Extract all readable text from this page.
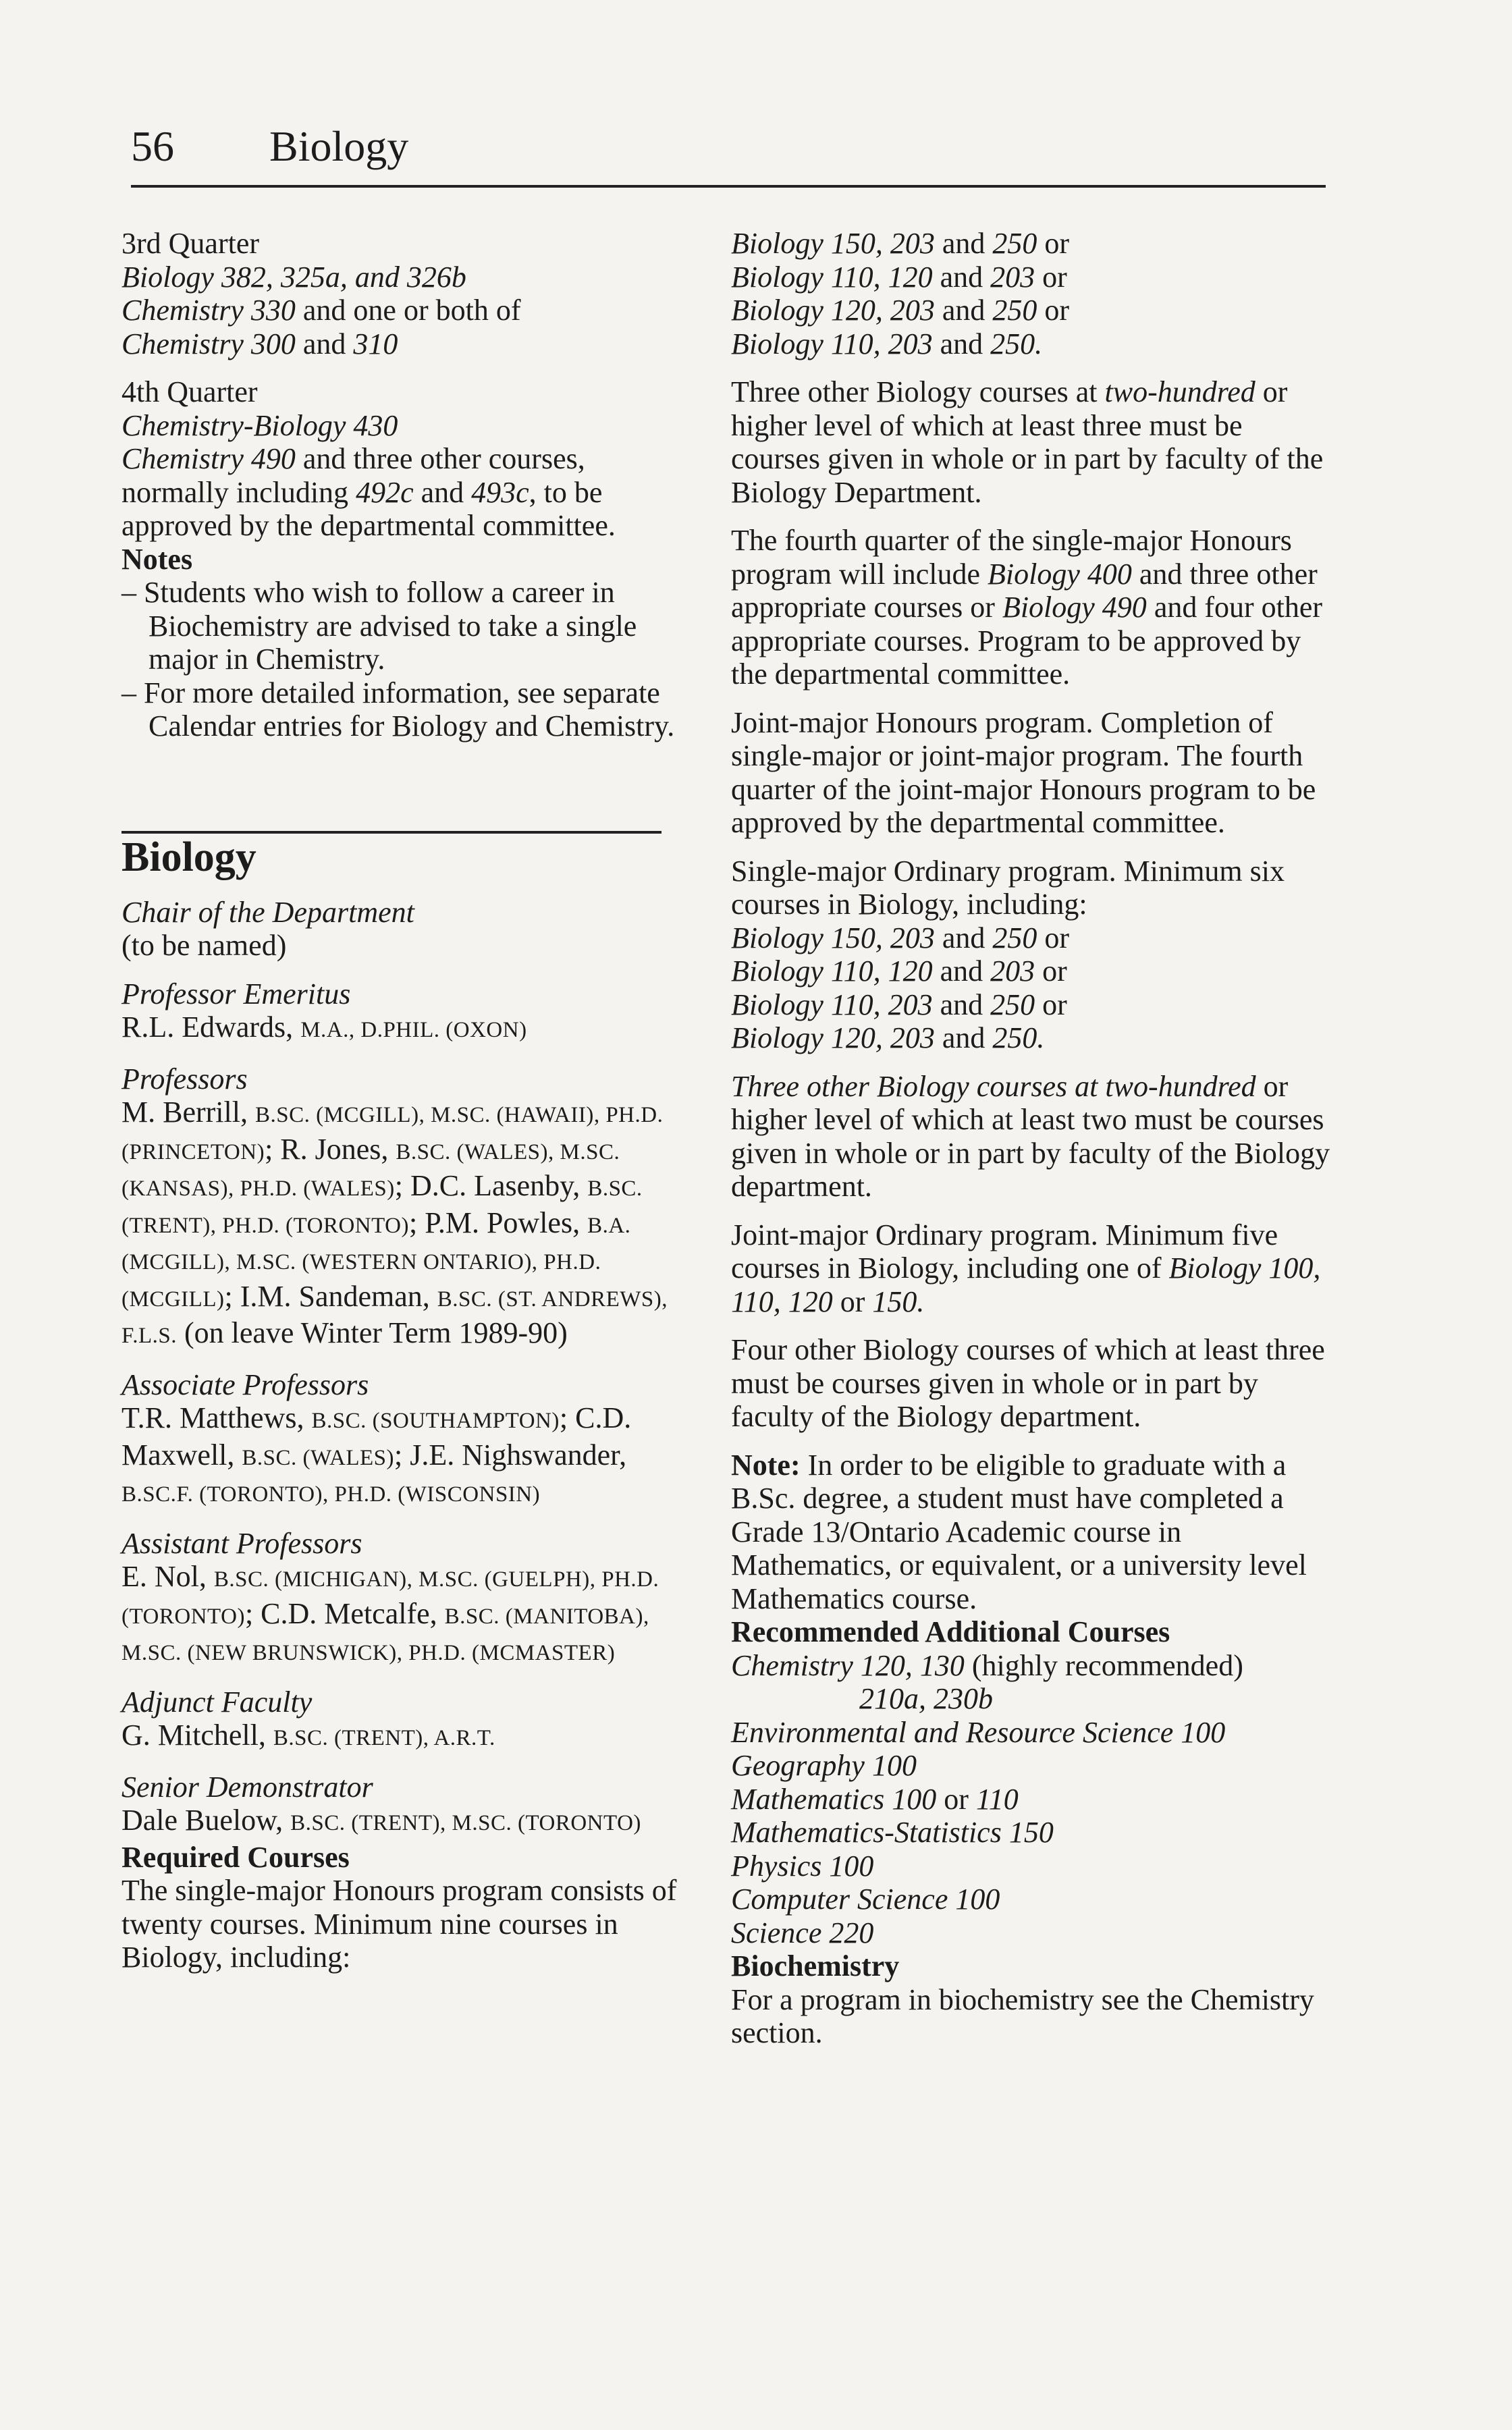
56 Biology

3rd Quarter

Biology 382, 325a, and 326b

Chemistry 330 and one or both of

Chemistry 300 and 310

4th Quarter

Chemistry-Biology 430

Chemistry 490 and three other courses,

normally including 492c and 493c, to be

approved by the departmental committee.

Notes

– Students who wish to follow a career in Biochemistry are advised to take a single major in Chemistry.

– For more detailed information, see separate Calendar entries for Biology and Chemistry.

Biology

Chair of the Department

(to be named)

Professor Emeritus

R.L. Edwards, M.A., D.PHIL. (OXON)

Professors

M. Berrill, B.SC. (MCGILL), M.SC. (HAWAII), PH.D. (PRINCETON); R. Jones, B.SC. (WALES), M.SC. (KANSAS), PH.D. (WALES); D.C. Lasenby, B.SC. (TRENT), PH.D. (TORONTO); P.M. Powles, B.A. (MCGILL), M.SC. (WESTERN ONTARIO), PH.D. (MCGILL); I.M. Sandeman, B.SC. (ST. ANDREWS), F.L.S. (on leave Winter Term 1989-90)

Associate Professors

T.R. Matthews, B.SC. (SOUTHAMPTON); C.D. Maxwell, B.SC. (WALES); J.E. Nighswander, B.SC.F. (TORONTO), PH.D. (WISCONSIN)

Assistant Professors

E. Nol, B.SC. (MICHIGAN), M.SC. (GUELPH), PH.D. (TORONTO); C.D. Metcalfe, B.SC. (MANITOBA), M.SC. (NEW BRUNSWICK), PH.D. (MCMASTER)

Adjunct Faculty

G. Mitchell, B.SC. (TRENT), A.R.T.

Senior Demonstrator

Dale Buelow, B.SC. (TRENT), M.SC. (TORONTO)

Required Courses

The single-major Honours program consists of twenty courses. Minimum nine courses in Biology, including:

Biology 150, 203 and 250 or

Biology 110, 120 and 203 or

Biology 120, 203 and 250 or

Biology 110, 203 and 250.

Three other Biology courses at two-hundred or higher level of which at least three must be courses given in whole or in part by faculty of the Biology Department.

The fourth quarter of the single-major Honours program will include Biology 400 and three other appropriate courses or Biology 490 and four other appropriate courses. Program to be approved by the departmental committee.

Joint-major Honours program. Completion of single-major or joint-major program. The fourth quarter of the joint-major Honours program to be approved by the departmental committee.

Single-major Ordinary program. Minimum six courses in Biology, including:

Biology 150, 203 and 250 or

Biology 110, 120 and 203 or

Biology 110, 203 and 250 or

Biology 120, 203 and 250.

Three other Biology courses at two-hundred or higher level of which at least two must be courses given in whole or in part by faculty of the Biology department.

Joint-major Ordinary program. Minimum five courses in Biology, including one of Biology 100, 110, 120 or 150.

Four other Biology courses of which at least three must be courses given in whole or in part by faculty of the Biology department.

Note: In order to be eligible to graduate with a B.Sc. degree, a student must have completed a Grade 13/Ontario Academic course in Mathematics, or equivalent, or a university level Mathematics course.

Recommended Additional Courses

Chemistry 120, 130 (highly recommended)

210a, 230b

Environmental and Resource Science 100

Geography 100

Mathematics 100 or 110

Mathematics-Statistics 150

Physics 100

Computer Science 100

Science 220

Biochemistry

For a program in biochemistry see the Chemistry section.
